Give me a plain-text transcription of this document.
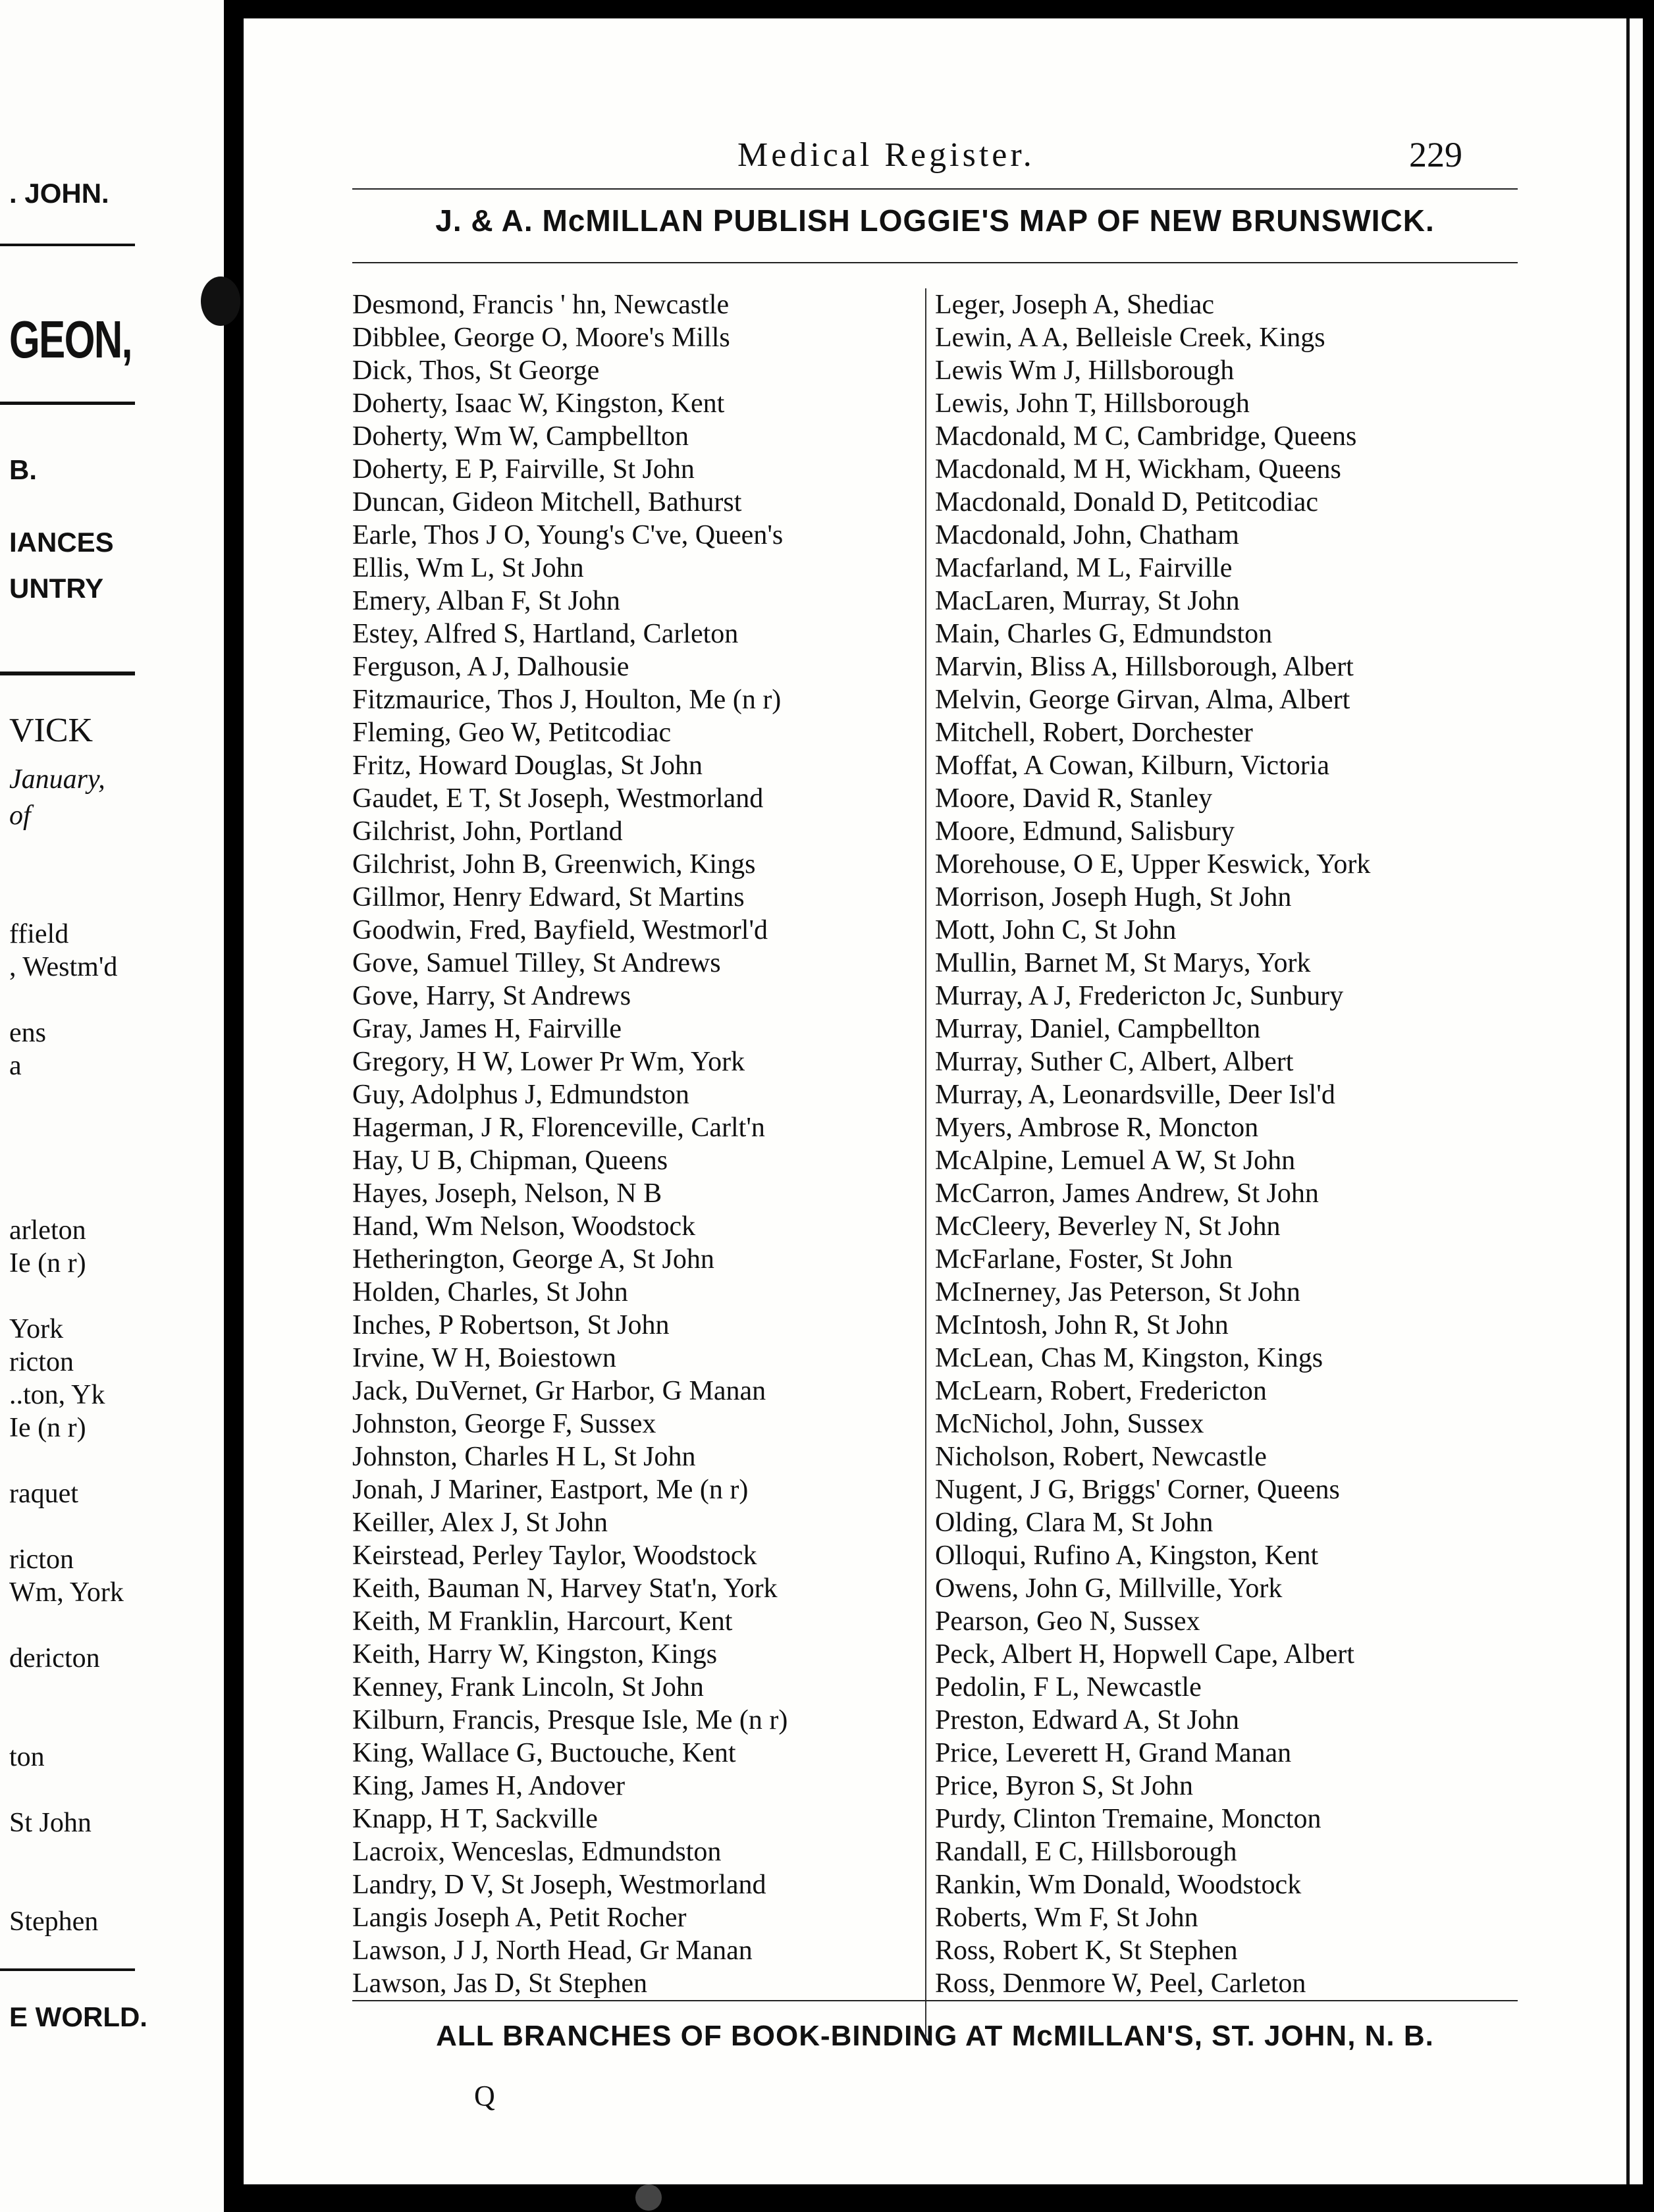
. JOHN.
GEON,
B.
IANCES
UNTRY
VICK
January,
of
ffield
, Westm'd
ens
a
arleton
Ie (n r)
York
ricton
..ton, Yk
Ie (n r)
raquet
ricton
Wm, York
dericton
ton
St John
Stephen
E WORLD.
Medical Register.	229
J. & A. McMILLAN PUBLISH LOGGIE'S MAP OF NEW BRUNSWICK.
Desmond, Francis ' hn, Newcastle
Dibblee, George O, Moore's Mills
Dick, Thos, St George
Doherty, Isaac W, Kingston, Kent
Doherty, Wm W, Campbellton
Doherty, E P, Fairville, St John
Duncan, Gideon Mitchell, Bathurst
Earle, Thos J O, Young's C've, Queen's
Ellis, Wm L, St John
Emery, Alban F, St John
Estey, Alfred S, Hartland, Carleton
Ferguson, A J, Dalhousie
Fitzmaurice, Thos J, Houlton, Me (n r)
Fleming, Geo W, Petitcodiac
Fritz, Howard Douglas, St John
Gaudet, E T, St Joseph, Westmorland
Gilchrist, John, Portland
Gilchrist, John B, Greenwich, Kings
Gillmor, Henry Edward, St Martins
Goodwin, Fred, Bayfield, Westmorl'd
Gove, Samuel Tilley, St Andrews
Gove, Harry, St Andrews
Gray, James H, Fairville
Gregory, H W, Lower Pr Wm, York
Guy, Adolphus J, Edmundston
Hagerman, J R, Florenceville, Carlt'n
Hay, U B, Chipman, Queens
Hayes, Joseph, Nelson, N B
Hand, Wm Nelson, Woodstock
Hetherington, George A, St John
Holden, Charles, St John
Inches, P Robertson, St John
Irvine, W H, Boiestown
Jack, DuVernet, Gr Harbor, G Manan
Johnston, George F, Sussex
Johnston, Charles H L, St John
Jonah, J Mariner, Eastport, Me (n r)
Keiller, Alex J, St John
Keirstead, Perley Taylor, Woodstock
Keith, Bauman N, Harvey Stat'n, York
Keith, M Franklin, Harcourt, Kent
Keith, Harry W, Kingston, Kings
Kenney, Frank Lincoln, St John
Kilburn, Francis, Presque Isle, Me (n r)
King, Wallace G, Buctouche, Kent
King, James H, Andover
Knapp, H T, Sackville
Lacroix, Wenceslas, Edmundston
Landry, D V, St Joseph, Westmorland
Langis Joseph A, Petit Rocher
Lawson, J J, North Head, Gr Manan
Lawson, Jas D, St Stephen
Leger, Joseph A, Shediac
Lewin, A A, Belleisle Creek, Kings
Lewis Wm J, Hillsborough
Lewis, John T, Hillsborough
Macdonald, M C, Cambridge, Queens
Macdonald, M H, Wickham, Queens
Macdonald, Donald D, Petitcodiac
Macdonald, John, Chatham
Macfarland, M L, Fairville
MacLaren, Murray, St John
Main, Charles G, Edmundston
Marvin, Bliss A, Hillsborough, Albert
Melvin, George Girvan, Alma, Albert
Mitchell, Robert, Dorchester
Moffat, A Cowan, Kilburn, Victoria
Moore, David R, Stanley
Moore, Edmund, Salisbury
Morehouse, O E, Upper Keswick, York
Morrison, Joseph Hugh, St John
Mott, John C, St John
Mullin, Barnet M, St Marys, York
Murray, A J, Fredericton Jc, Sunbury
Murray, Daniel, Campbellton
Murray, Suther C, Albert, Albert
Murray, A, Leonardsville, Deer Isl'd
Myers, Ambrose R, Moncton
McAlpine, Lemuel A W, St John
McCarron, James Andrew, St John
McCleery, Beverley N, St John
McFarlane, Foster, St John
McInerney, Jas Peterson, St John
McIntosh, John R, St John
McLean, Chas M, Kingston, Kings
McLearn, Robert, Fredericton
McNichol, John, Sussex
Nicholson, Robert, Newcastle
Nugent, J G, Briggs' Corner, Queens
Olding, Clara M, St John
Olloqui, Rufino A, Kingston, Kent
Owens, John G, Millville, York
Pearson, Geo N, Sussex
Peck, Albert H, Hopwell Cape, Albert
Pedolin, F L, Newcastle
Preston, Edward A, St John
Price, Leverett H, Grand Manan
Price, Byron S, St John
Purdy, Clinton Tremaine, Moncton
Randall, E C, Hillsborough
Rankin, Wm Donald, Woodstock
Roberts, Wm F, St John
Ross, Robert K, St Stephen
Ross, Denmore W, Peel, Carleton
ALL BRANCHES OF BOOK-BINDING AT McMILLAN'S, ST. JOHN, N. B.
Q
